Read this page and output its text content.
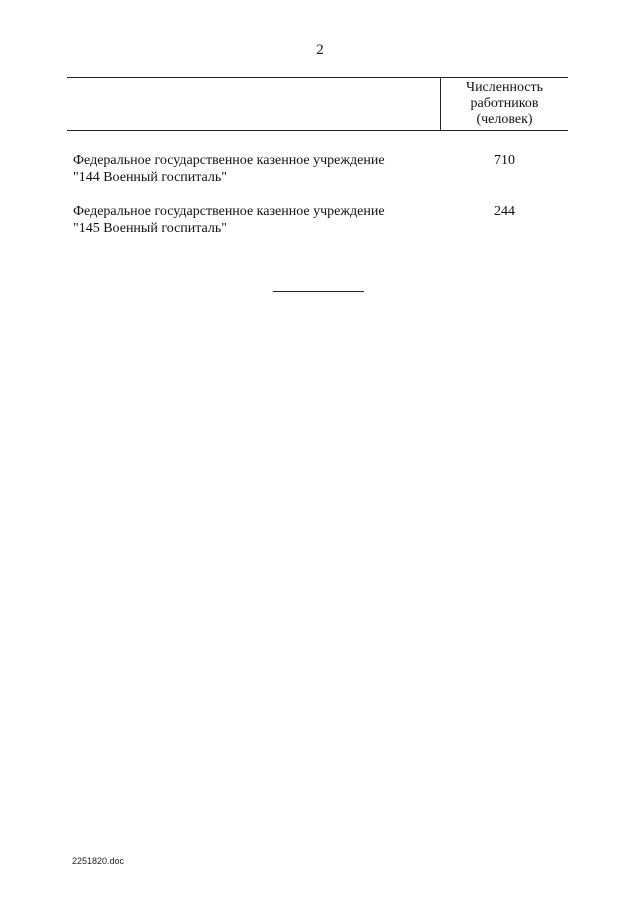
2
Численность
работников
(человек)
Федеральное государственное казенное учреждение
"144 Военный госпиталь"
710
Федеральное государственное казенное учреждение
"145 Военный госпиталь"
244
2251820.doc
